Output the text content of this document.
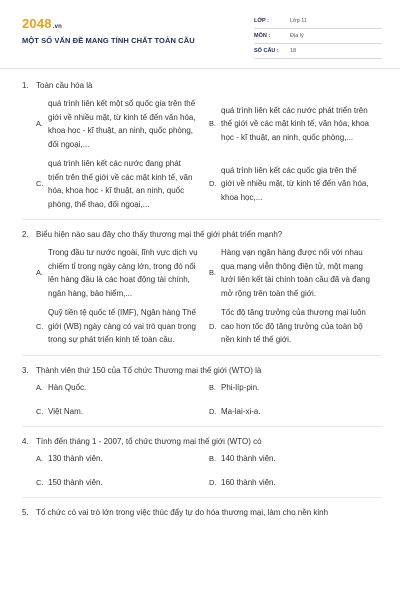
2048.vn
MỘT SỐ VẤN ĐỀ MANG TÍNH CHẤT TOÀN CẦU
LỚP :	Lớp 11
MÔN :	Địa lý
SỐ CÂU : 18
1. Toàn cầu hóa là
A.
quá trình liên kết một số quốc gia trên thế giới về nhiều mặt, từ kinh tế đến văn hóa, khoa học - kĩ thuật, an ninh, quốc phòng, đối ngoại,...
B.
quá trình liên kết các nước phát triển trên thế giới về các mặt kinh tế, văn hóa, khoa học - kĩ thuật, an ninh, quốc phòng,...
C.
quá trình liên kết các nước đang phát triển trên thế giới về các mặt kinh tế, văn hóa, khoa học - kĩ thuật, an ninh, quốc phòng, thể thao, đối ngoại,...
D.
quá trình liên kết các quốc gia trên thế giới về nhiều mặt, từ kinh tế đến văn hóa, khoa học,...
2. Biểu hiện nào sau đây cho thấy thương mại thế giới phát triển mạnh?
A.
Trong đầu tư nước ngoài, lĩnh vực dịch vụ chiếm tỉ trọng ngày càng lớn, trong đó nổi lên hàng đầu là các hoạt động tài chính, ngân hàng, bảo hiểm,...
B.
Hàng vạn ngân hàng được nối với nhau qua mạng viễn thông điện tử, một mạng lưới liên kết tài chính toàn cầu đã và đang mở rộng trên toàn thế giới.
C.
Quỹ tiền tệ quốc tế (IMF), Ngân hàng Thế giới (WB) ngày càng có vai trò quan trọng trong sự phát triển kinh tế toàn cầu.
D.
Tốc độ tăng trưởng của thương mại luôn cao hơn tốc độ tăng trưởng của toàn bộ nền kinh tế thế giới.
3. Thành viên thứ 150 của Tổ chức Thương mại thế giới (WTO) là
A. Hàn Quốc.	B. Phi-líp-pin.
C. Việt Nam.	D. Ma-lai-xi-a.
4. Tính đến tháng 1 - 2007, tổ chức thương mại thế giới (WTO) có
A. 130 thành viên.	B. 140 thành viên.
C. 150 thành viên.	D. 160 thành viên.
5. Tổ chức có vai trò lớn trong việc thúc đẩy tự do hóa thương mại, làm cho nền kinh
